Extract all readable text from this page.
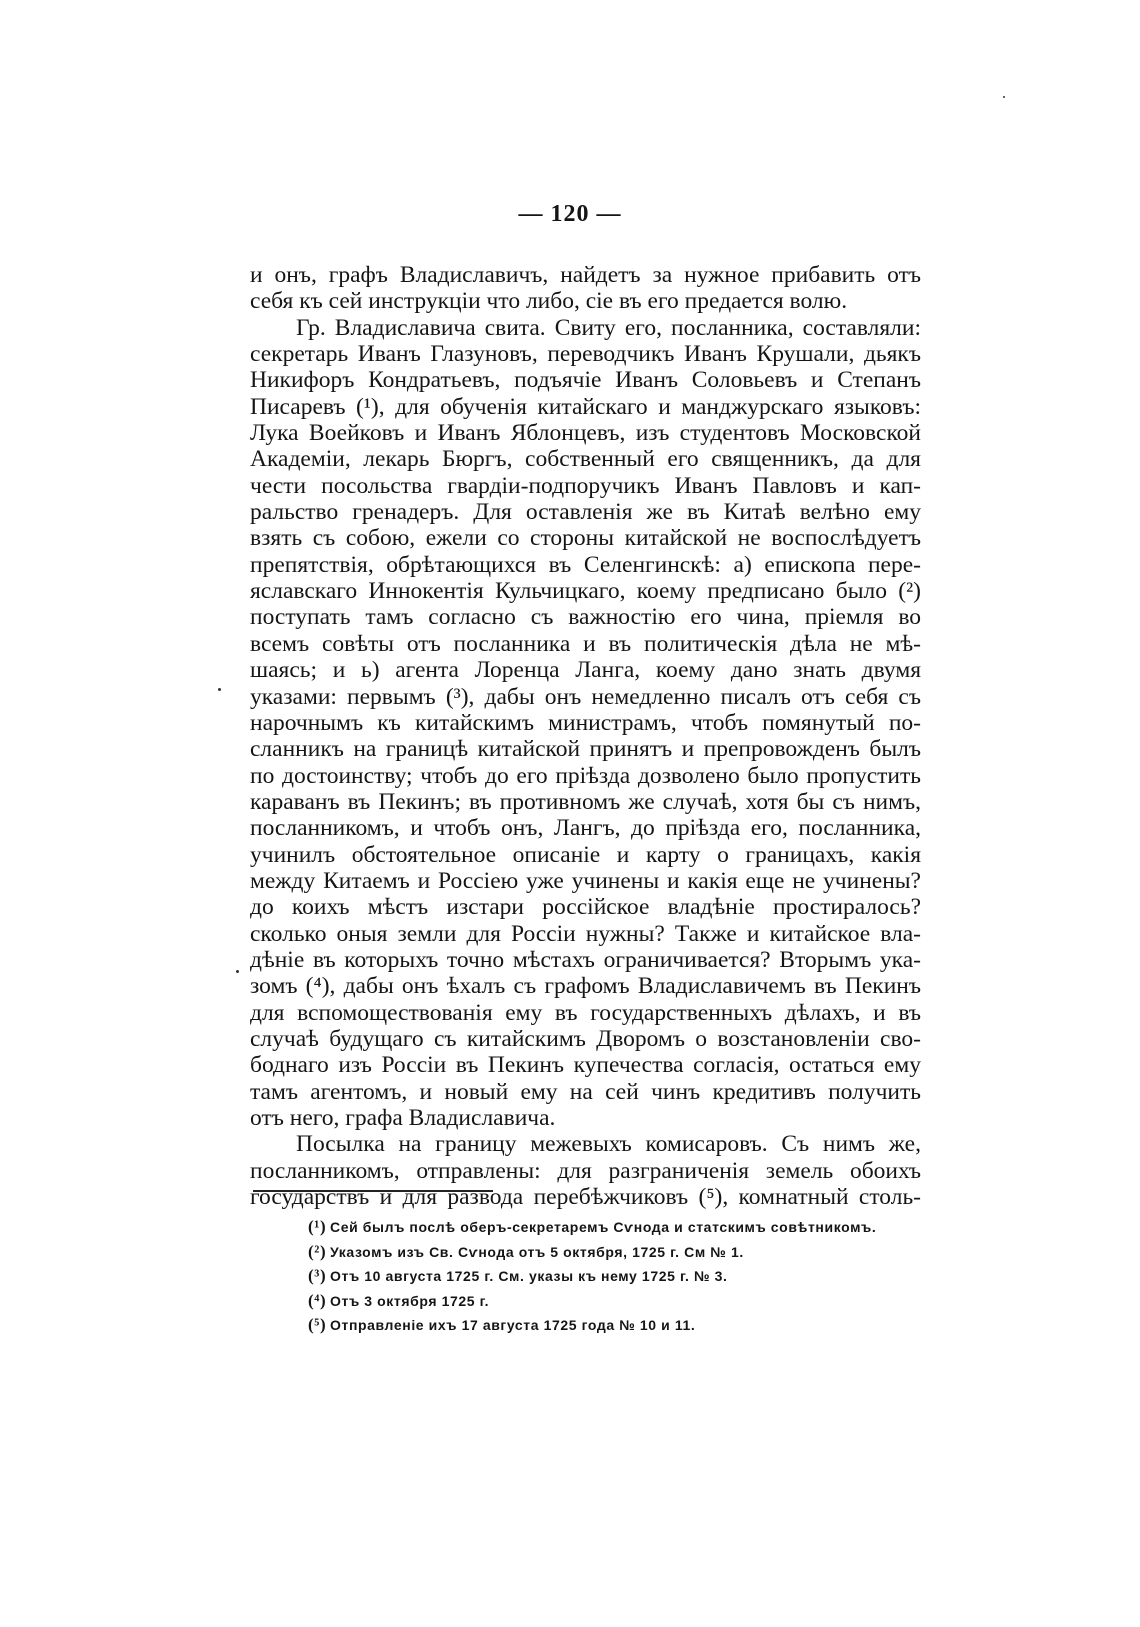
— 120 —
и онъ, графъ Владиславичъ, найдетъ за нужное прибавить отъ
себя къ сей инструкціи что либо, сіе въ его предается волю.
Гр. Владиславича свита. Свиту его, посланника, составляли:
секретарь Иванъ Глазуновъ, переводчикъ Иванъ Крушали, дьякъ
Никифоръ Кондратьевъ, подъячіе Иванъ Соловьевъ и Степанъ
Писаревъ (¹), для обученія китайскаго и манджурскаго языковъ:
Лука Воейковъ и Иванъ Яблонцевъ, изъ студентовъ Московской
Академіи, лекарь Бюргъ, собственный его священникъ, да для
чести посольства гвардіи-подпоручикъ Иванъ Павловъ и кап-
ральство гренадеръ. Для оставленія же въ Китаѣ велѣно ему
взять съ собою, ежели со стороны китайской не воспослѣдуетъ
препятствія, обрѣтающихся въ Селенгинскѣ: а) епископа пере-
яславскаго Иннокентія Кульчицкаго, коему предписано было (²)
поступать тамъ согласно съ важностію его чина, пріемля во
всемъ совѣты отъ посланника и въ политическія дѣла не мѣ-
шаясь; и ь) агента Лоренца Ланга, коему дано знать двумя
указами: первымъ (³), дабы онъ немедленно писалъ отъ себя съ
нарочнымъ къ китайскимъ министрамъ, чтобъ помянутый по-
сланникъ на границѣ китайской принятъ и препровожденъ былъ
по достоинству; чтобъ до его пріѣзда дозволено было пропустить
караванъ въ Пекинъ; въ противномъ же случаѣ, хотя бы съ нимъ,
посланникомъ, и чтобъ онъ, Лангъ, до пріѣзда его, посланника,
учинилъ обстоятельное описаніе и карту о границахъ, какія
между Китаемъ и Россіею уже учинены и какія еще не учинены?
до коихъ мѣстъ изстари россійское владѣніе простиралось?
сколько оныя земли для Россіи нужны? Также и китайское вла-
дѣніе въ которыхъ точно мѣстахъ ограничивается? Вторымъ ука-
зомъ (⁴), дабы онъ ѣхалъ съ графомъ Владиславичемъ въ Пекинъ
для вспомоществованія ему въ государственныхъ дѣлахъ, и въ
случаѣ будущаго съ китайскимъ Дворомъ о возстановленіи сво-
боднаго изъ Россіи въ Пекинъ купечества согласія, остаться ему
тамъ агентомъ, и новый ему на сей чинъ кредитивъ получить
отъ него, графа Владиславича.
Посылка на границу межевыхъ комисаровъ. Съ нимъ же,
посланникомъ, отправлены: для разграниченія земель обоихъ
государствъ и для развода перебѣжчиковъ (⁵), комнатный столь-
(¹) Сей былъ послѣ оберъ-секретаремъ Сѵнода и статскимъ совѣтникомъ.
(²) Указомъ изъ Св. Сѵнода отъ 5 октября, 1725 г. См № 1.
(³) Отъ 10 августа 1725 г. См. указы къ нему 1725 г. № 3.
(⁴) Отъ 3 октября 1725 г.
(⁵) Отправленіе ихъ 17 августа 1725 года № 10 и 11.
